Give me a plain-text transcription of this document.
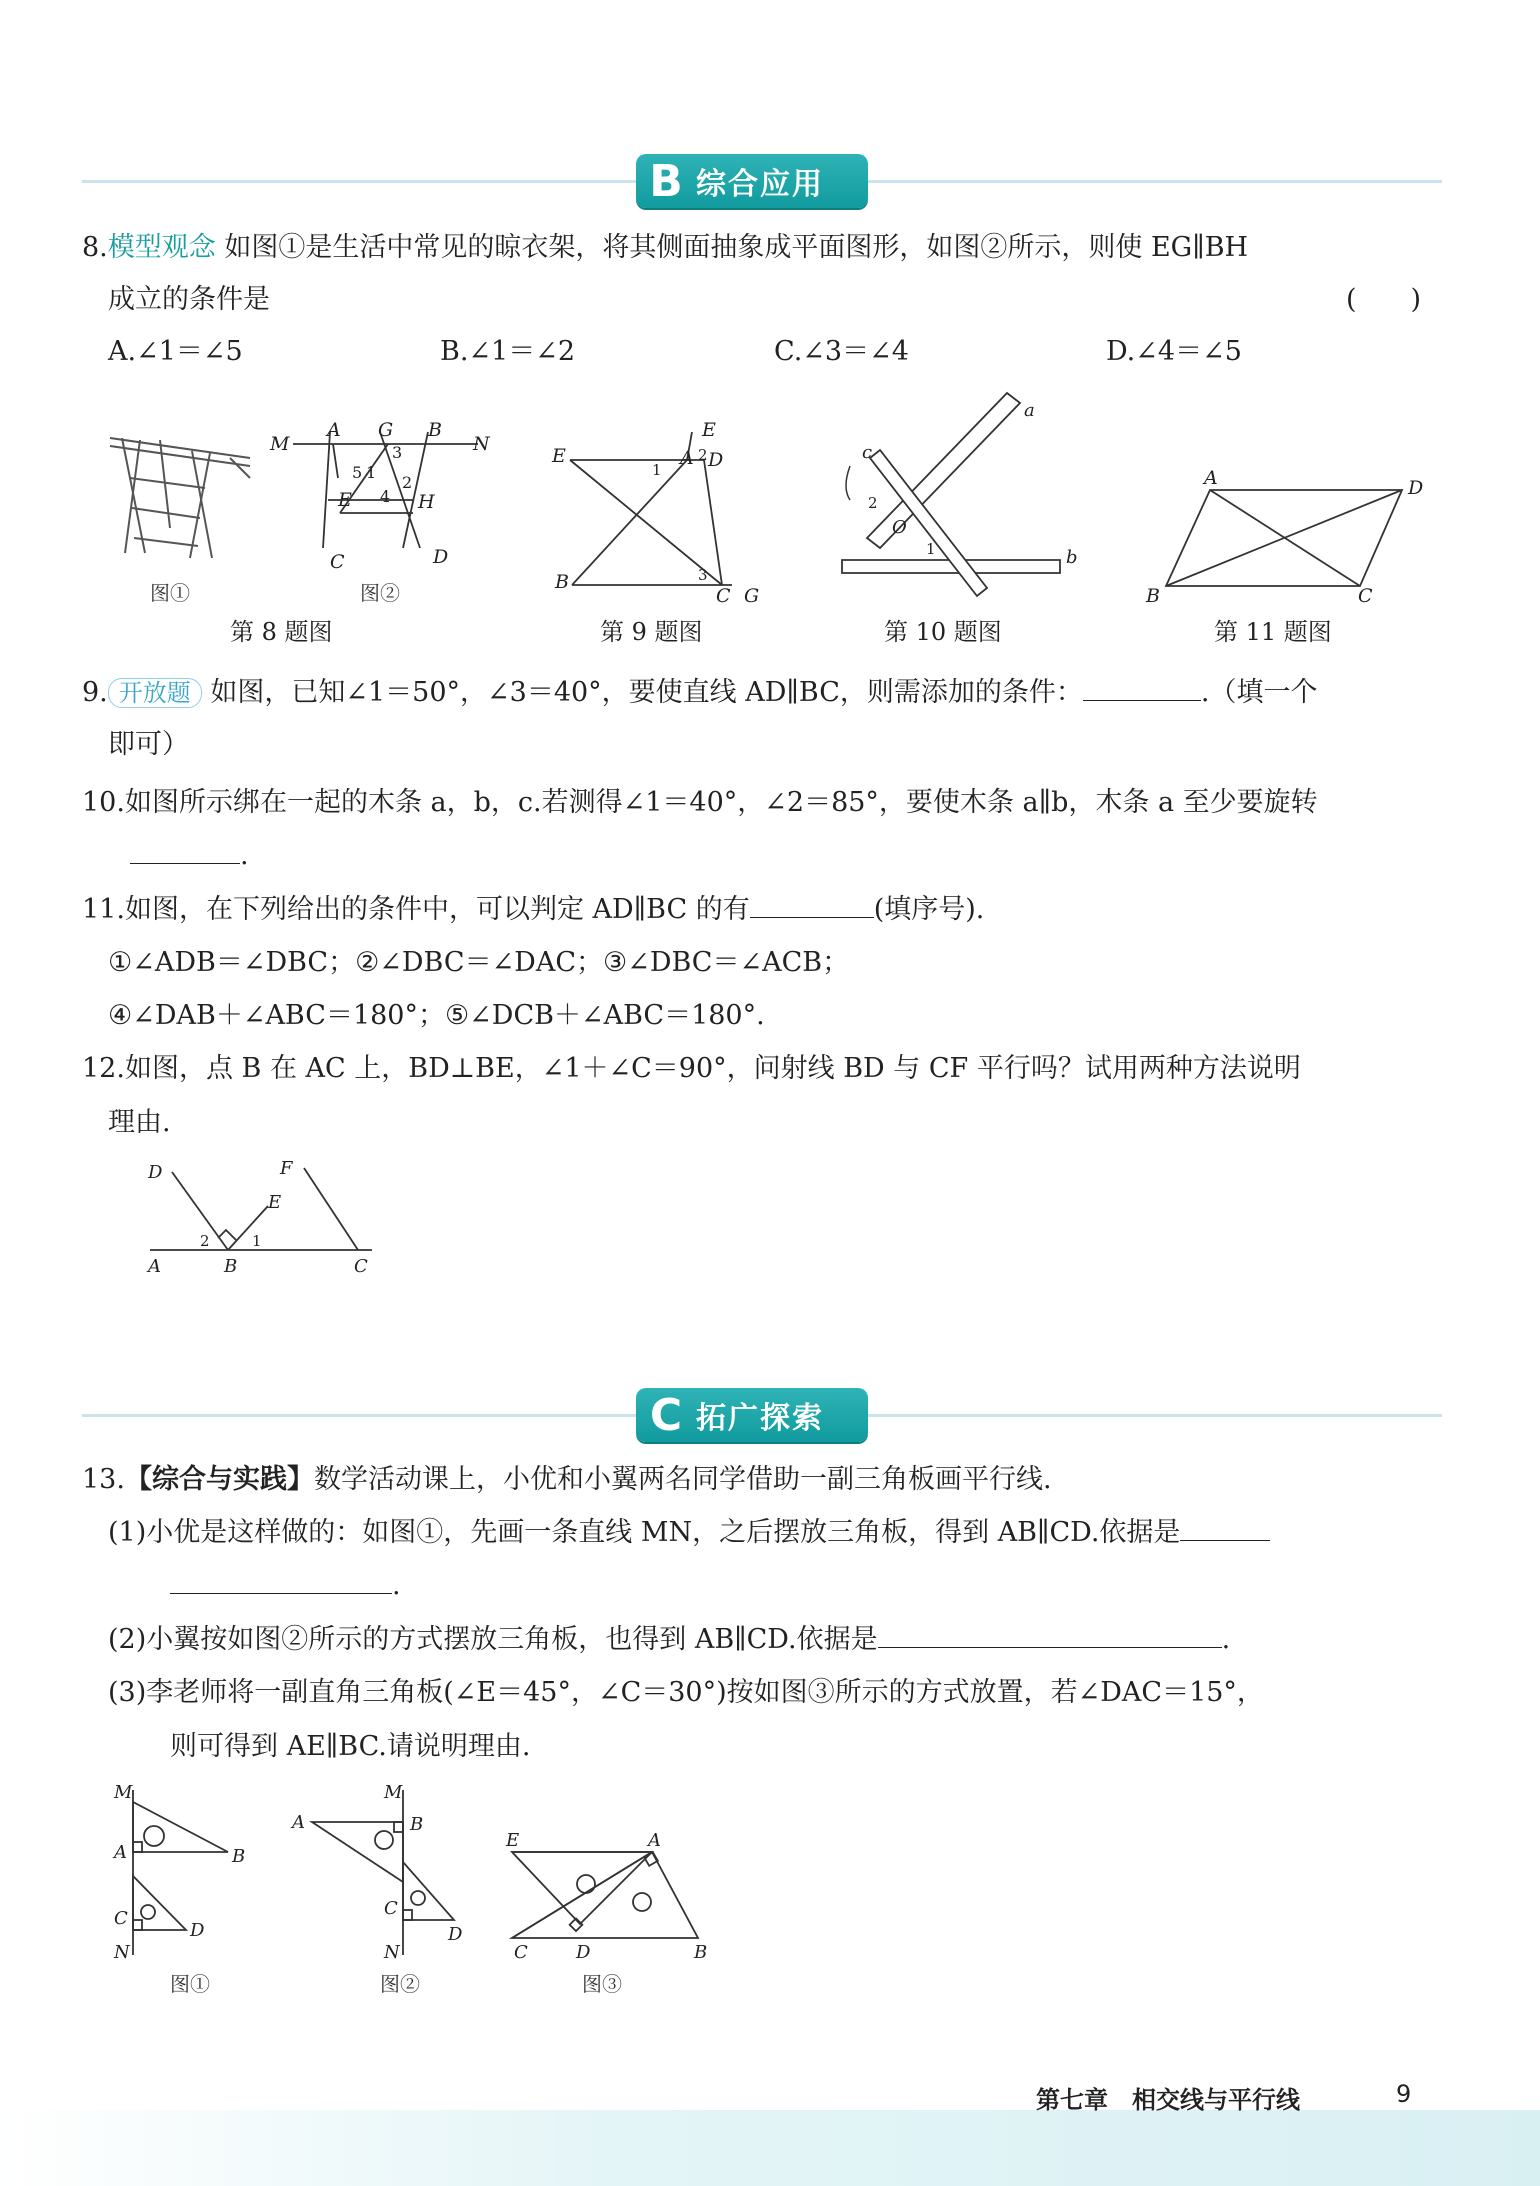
B 综合应用
8.模型观念 如图①是生活中常见的晾衣架，将其侧面抽象成平面图形，如图②所示，则使 EG∥BH
成立的条件是	(　　)
A.∠1＝∠5	B.∠1＝∠2	C.∠3＝∠4	D.∠4＝∠5
图①
M
A G B
N
E	H
C	D
5 1
3
2
4
图②
第 8 题图
E	A
E
D
B
C G
1
2
3
第 9 题图
a
b
c
O
2
1
第 10 题图
A	D
B	C
第 11 题图
9. 开放题 如图，已知∠1＝50°，∠3＝40°，要使直线 AD∥BC，则需添加的条件：	.（填一个
即可）
10.如图所示绑在一起的木条 a，b，c.若测得∠1＝40°，∠2＝85°，要使木条 a∥b，木条 a 至少要旋转
.
11.如图，在下列给出的条件中，可以判定 AD∥BC 的有	(填序号).
①∠ADB＝∠DBC；②∠DBC＝∠DAC；③∠DBC＝∠ACB；
④∠DAB＋∠ABC＝180°；⑤∠DCB＋∠ABC＝180°.
12.如图，点 B 在 AC 上，BD⊥BE，∠1＋∠C＝90°，问射线 BD 与 CF 平行吗？试用两种方法说明
理由.
A	B	C
D
E
F
2	1
C 拓广探索
13.【综合与实践】数学活动课上，小优和小翼两名同学借助一副三角板画平行线.
(1)小优是这样做的：如图①，先画一条直线 MN，之后摆放三角板，得到 AB∥CD.依据是
.
(2)小翼按如图②所示的方式摆放三角板，也得到 AB∥CD.依据是	.
(3)李老师将一副直角三角板(∠E＝45°，∠C＝30°)按如图③所示的方式放置，若∠DAC＝15°，
则可得到 AE∥BC.请说明理由.
M
A	B
C
D
N
图①
M
A	B
C
D
N
图②
E	A
C	D	B
图③
第七章　相交线与平行线	9
